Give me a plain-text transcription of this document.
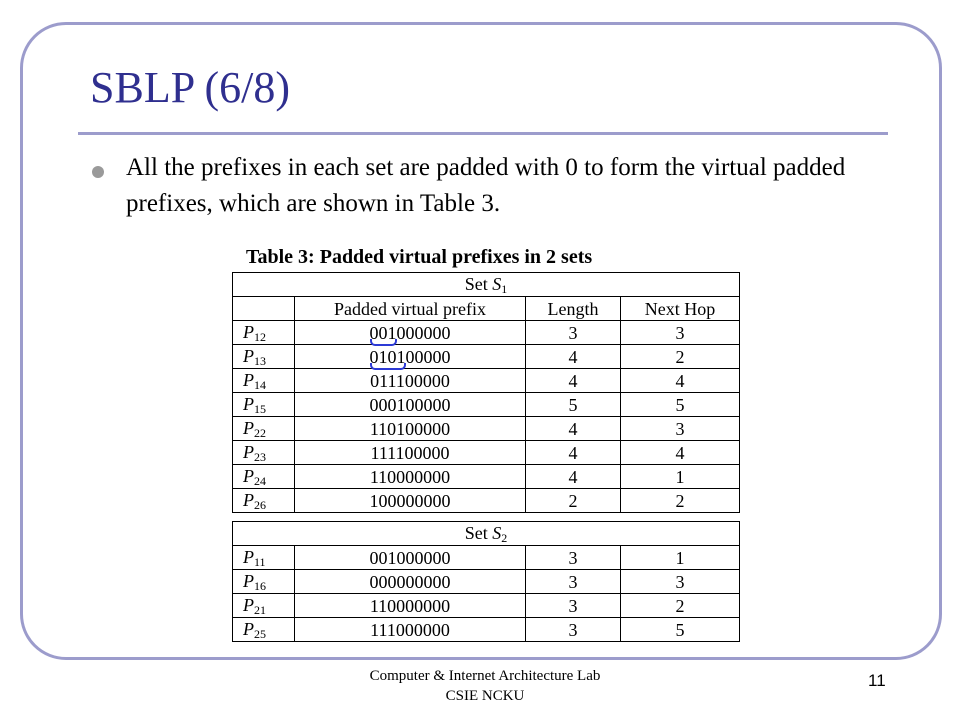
SBLP (6/8)
All the prefixes in each set are padded with 0 to form the virtual padded prefixes, which are shown in Table 3.
Table 3: Padded virtual prefixes in 2 sets
Set $S_1$
	Padded virtual prefix	Length	Next Hop
$P_{12}$	001000000	3	3
$P_{13}$	010100000	4	2
$P_{14}$	011100000	4	4
$P_{15}$	000100000	5	5
$P_{22}$	110100000	4	3
$P_{23}$	111100000	4	4
$P_{24}$	110000000	4	1
$P_{26}$	100000000	2	2
Set $S_2$
$P_{11}$	001000000	3	1
$P_{16}$	000000000	3	3
$P_{21}$	110000000	3	2
$P_{25}$	111000000	3	5
Computer & Internet Architecture Lab
CSIE NCKU
11
